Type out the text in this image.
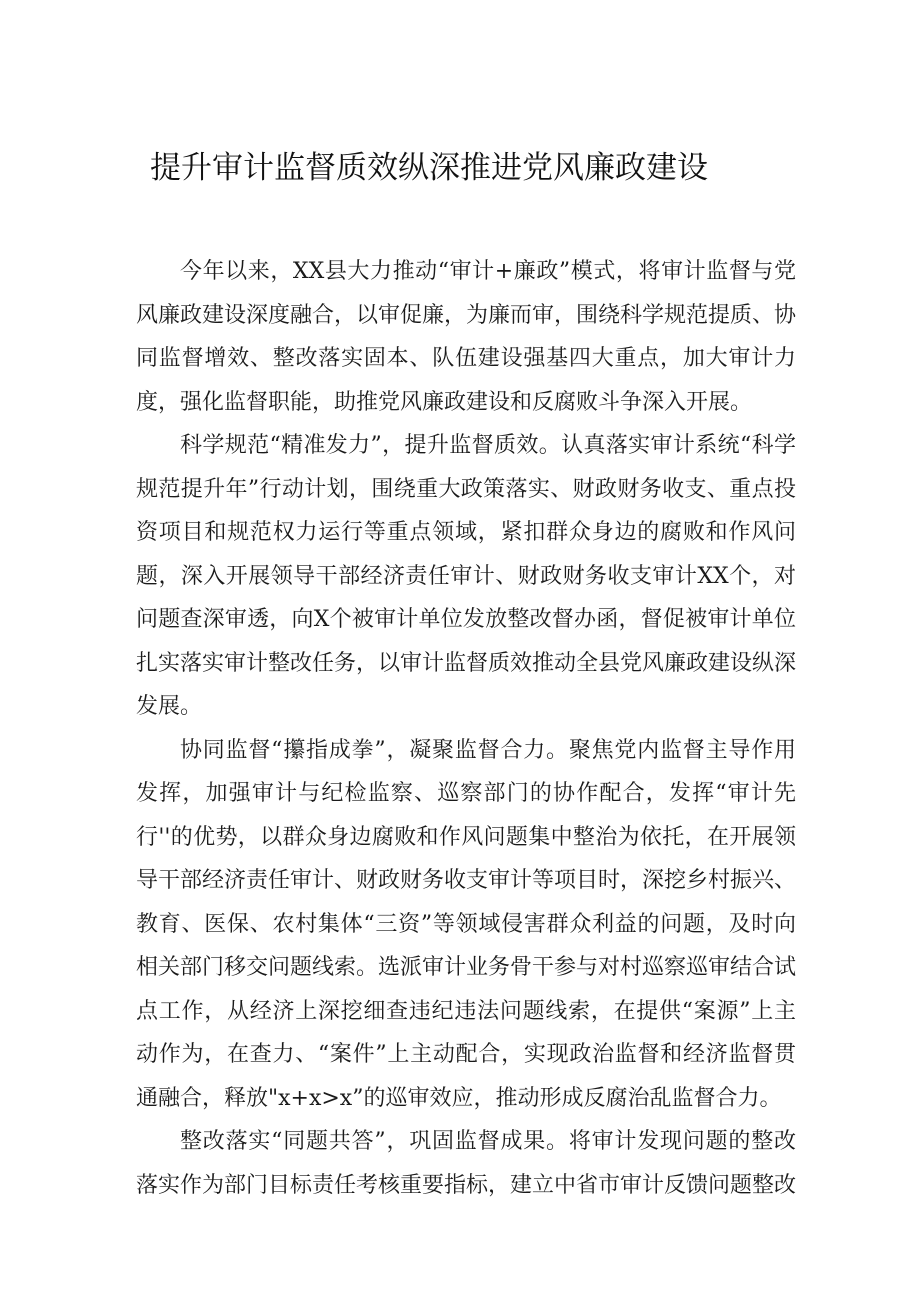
提升审计监督质效纵深推进党风廉政建设

今年以来，XX县大力推动“审计+廉政”模式，将审计监督与党风廉政建设深度融合，以审促廉，为廉而审，围绕科学规范提质、协同监督增效、整改落实固本、队伍建设强基四大重点，加大审计力度，强化监督职能，助推党风廉政建设和反腐败斗争深入开展。

科学规范“精准发力”，提升监督质效。认真落实审计系统“科学规范提升年”行动计划，围绕重大政策落实、财政财务收支、重点投资项目和规范权力运行等重点领域，紧扣群众身边的腐败和作风问题，深入开展领导干部经济责任审计、财政财务收支审计XX个，对问题查深审透，向X个被审计单位发放整改督办函，督促被审计单位扎实落实审计整改任务，以审计监督质效推动全县党风廉政建设纵深发展。

协同监督“攥指成拳”，凝聚监督合力。聚焦党内监督主导作用发挥，加强审计与纪检监察、巡察部门的协作配合，发挥“审计先行''的优势，以群众身边腐败和作风问题集中整治为依托，在开展领导干部经济责任审计、财政财务收支审计等项目时，深挖乡村振兴、教育、医保、农村集体“三资”等领域侵害群众利益的问题，及时向相关部门移交问题线索。选派审计业务骨干参与对村巡察巡审结合试点工作，从经济上深挖细查违纪违法问题线索，在提供“案源”上主动作为，在查力、“案件”上主动配合，实现政治监督和经济监督贯通融合，释放"x+x>x”的巡审效应，推动形成反腐治乱监督合力。

整改落实“同题共答”，巩固监督成果。将审计发现问题的整改落实作为部门目标责任考核重要指标，建立中省市审计反馈问题整改
